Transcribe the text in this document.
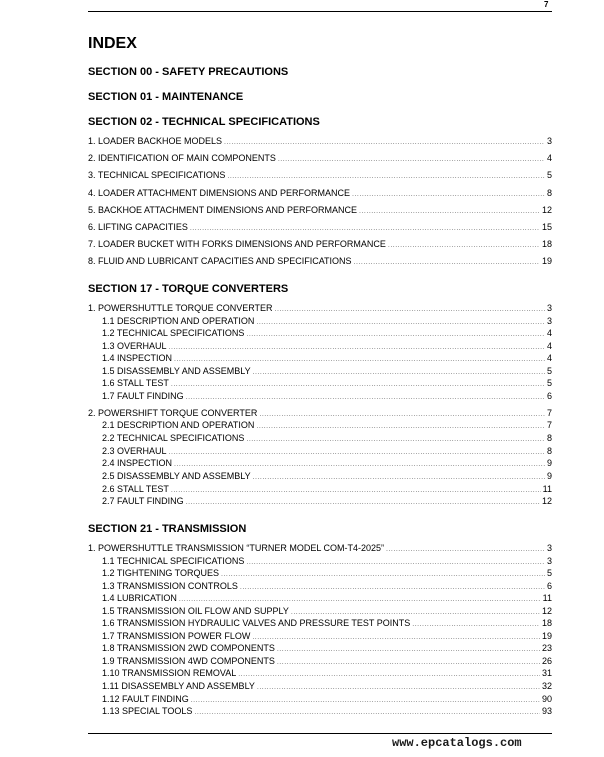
7
INDEX
SECTION 00 - SAFETY PRECAUTIONS
SECTION 01 - MAINTENANCE
SECTION 02 - TECHNICAL SPECIFICATIONS
SECTION 17 - TORQUE CONVERTERS
SECTION 21 - TRANSMISSION
1. LOADER BACKHOE MODELS .....	3
2. IDENTIFICATION OF MAIN COMPONENTS .....	4
3. TECHNICAL SPECIFICATIONS .....	5
4. LOADER ATTACHMENT DIMENSIONS AND PERFORMANCE .....	8
5. BACKHOE ATTACHMENT DIMENSIONS AND PERFORMANCE .....	12
6. LIFTING CAPACITIES .....	15
7. LOADER BUCKET WITH FORKS DIMENSIONS AND PERFORMANCE .....	18
8. FLUID AND LUBRICANT CAPACITIES AND SPECIFICATIONS .....	19
1. POWERSHUTTLE TORQUE CONVERTER .....	3
1.1 DESCRIPTION AND OPERATION .....	3
1.2 TECHNICAL SPECIFICATIONS .....	4
1.3 OVERHAUL .....	4
1.4 INSPECTION .....	4
1.5 DISASSEMBLY AND ASSEMBLY .....	5
1.6 STALL TEST .....	5
1.7 FAULT FINDING .....	6
2. POWERSHIFT TORQUE CONVERTER .....	7
2.1 DESCRIPTION AND OPERATION .....	7
2.2 TECHNICAL SPECIFICATIONS .....	8
2.3 OVERHAUL .....	8
2.4 INSPECTION .....	9
2.5 DISASSEMBLY AND ASSEMBLY .....	9
2.6 STALL TEST .....	11
2.7 FAULT FINDING .....	12
1. POWERSHUTTLE TRANSMISSION “TURNER MODEL COM-T4-2025” .....	3
1.1 TECHNICAL SPECIFICATIONS .....	3
1.2 TIGHTENING TORQUES .....	5
1.3 TRANSMISSION CONTROLS .....	6
1.4 LUBRICATION .....	11
1.5 TRANSMISSION OIL FLOW AND SUPPLY .....	12
1.6 TRANSMISSION HYDRAULIC VALVES AND PRESSURE TEST POINTS .....	18
1.7 TRANSMISSION POWER FLOW .....	19
1.8 TRANSMISSION 2WD COMPONENTS .....	23
1.9 TRANSMISSION 4WD COMPONENTS .....	26
1.10 TRANSMISSION REMOVAL .....	31
1.11 DISASSEMBLY AND ASSEMBLY .....	32
1.12 FAULT FINDING .....	90
1.13 SPECIAL TOOLS .....	93
www.epcatalogs.com
